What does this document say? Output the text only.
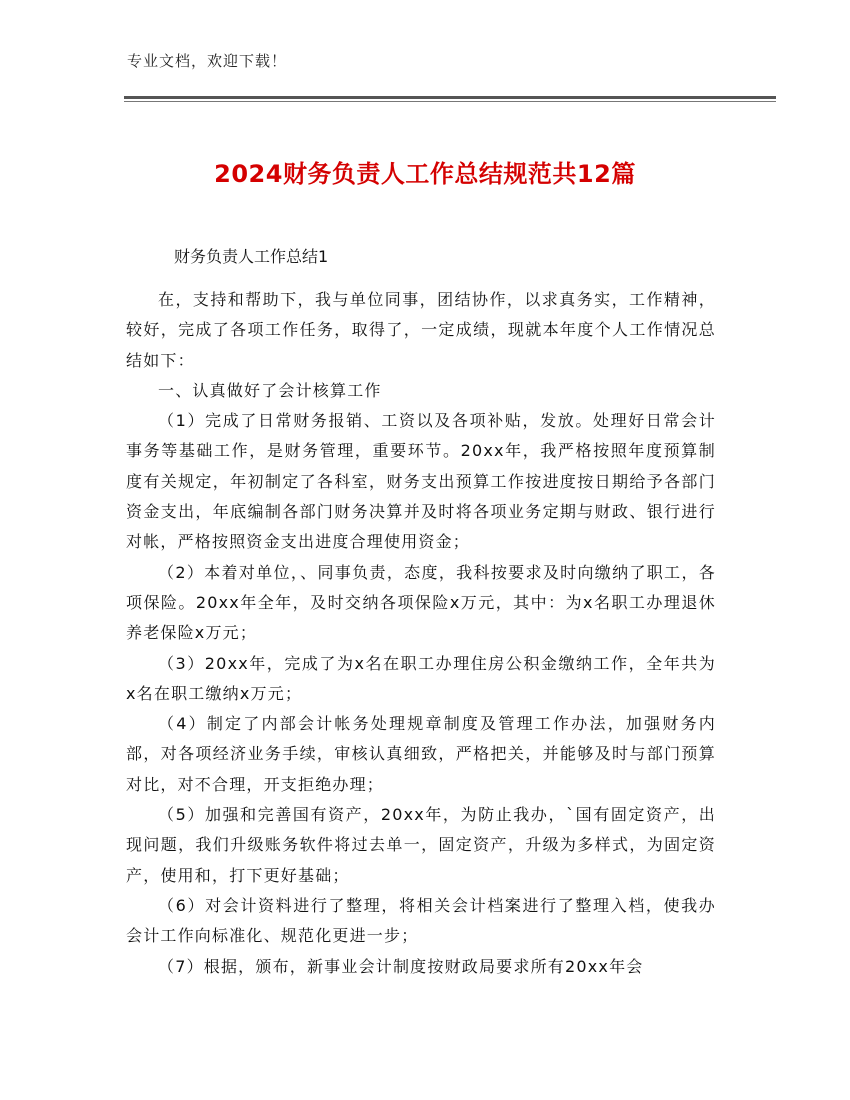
专业文档，欢迎下载！
2024财务负责人工作总结规范共12篇
财务负责人工作总结1

在，支持和帮助下，我与单位同事，团结协作，以求真务实，工作精神，较好，完成了各项工作任务，取得了，一定成绩，现就本年度个人工作情况总结如下：

一、认真做好了会计核算工作

（1）完成了日常财务报销、工资以及各项补贴，发放。处理好日常会计事务等基础工作，是财务管理，重要环节。20xx年，我严格按照年度预算制度有关规定，年初制定了各科室，财务支出预算工作按进度按日期给予各部门资金支出，年底编制各部门财务决算并及时将各项业务定期与财政、银行进行对帐，严格按照资金支出进度合理使用资金；

（2）本着对单位，、同事负责，态度，我科按要求及时向缴纳了职工，各项保险。20xx年全年，及时交纳各项保险x万元，其中：为x名职工办理退休养老保险x万元；

（3）20xx年，完成了为x名在职工办理住房公积金缴纳工作，全年共为x名在职工缴纳x万元；

（4）制定了内部会计帐务处理规章制度及管理工作办法，加强财务内部，对各项经济业务手续，审核认真细致，严格把关，并能够及时与部门预算对比，对不合理，开支拒绝办理；

（5）加强和完善国有资产，20xx年，为防止我办，`国有固定资产，出现问题，我们升级账务软件将过去单一，固定资产，升级为多样式，为固定资产，使用和，打下更好基础；

（6）对会计资料进行了整理，将相关会计档案进行了整理入档，使我办会计工作向标准化、规范化更进一步；

（7）根据，颁布，新事业会计制度按财政局要求所有20xx年会
